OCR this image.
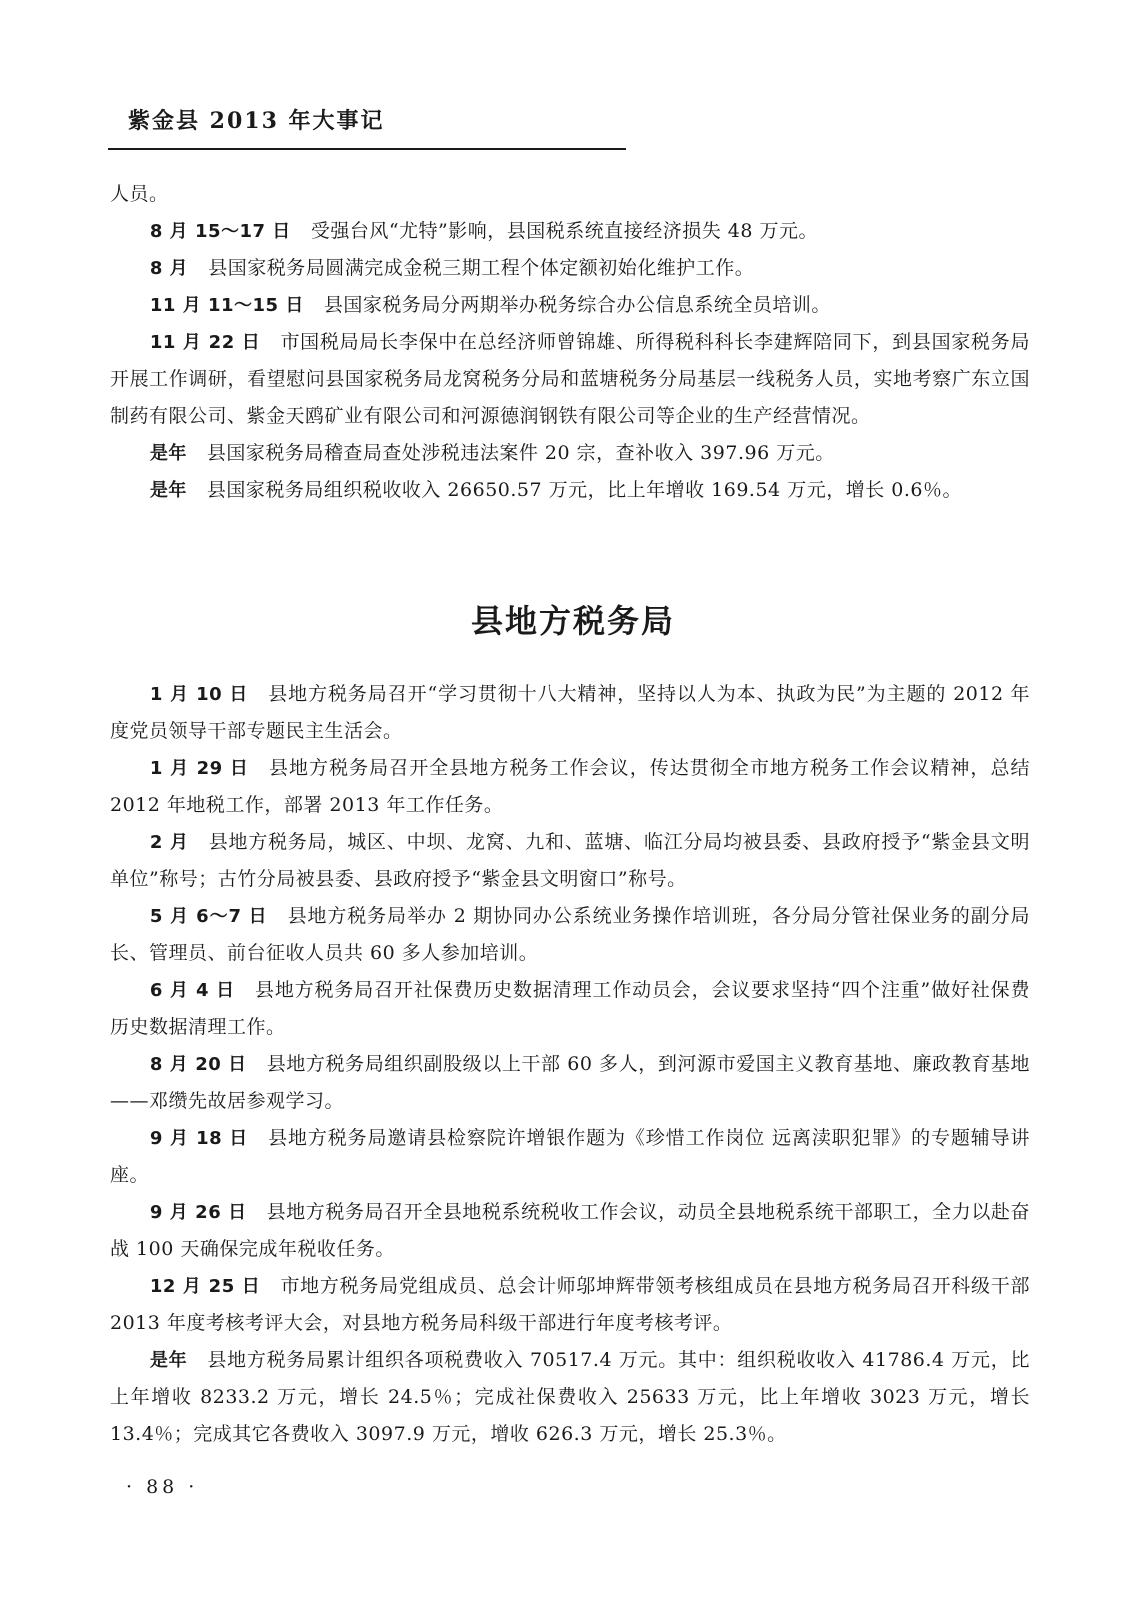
紫金县 2013 年大事记

人员。

8 月 15～17 日 受强台风“尤特”影响，县国税系统直接经济损失 48 万元。

8 月 县国家税务局圆满完成金税三期工程个体定额初始化维护工作。

11 月 11～15 日 县国家税务局分两期举办税务综合办公信息系统全员培训。

11 月 22 日 市国税局局长李保中在总经济师曾锦雄、所得税科科长李建辉陪同下，到县国家税务局开展工作调研，看望慰问县国家税务局龙窝税务分局和蓝塘税务分局基层一线税务人员，实地考察广东立国制药有限公司、紫金天鸥矿业有限公司和河源德润钢铁有限公司等企业的生产经营情况。

是年 县国家税务局稽查局查处涉税违法案件 20 宗，查补收入 397.96 万元。

是年 县国家税务局组织税收收入 26650.57 万元，比上年增收 169.54 万元，增长 0.6％。

县地方税务局

1 月 10 日 县地方税务局召开“学习贯彻十八大精神，坚持以人为本、执政为民”为主题的 2012 年度党员领导干部专题民主生活会。

1 月 29 日 县地方税务局召开全县地方税务工作会议，传达贯彻全市地方税务工作会议精神，总结 2012 年地税工作，部署 2013 年工作任务。

2 月 县地方税务局，城区、中坝、龙窝、九和、蓝塘、临江分局均被县委、县政府授予“紫金县文明单位”称号；古竹分局被县委、县政府授予“紫金县文明窗口”称号。

5 月 6～7 日 县地方税务局举办 2 期协同办公系统业务操作培训班，各分局分管社保业务的副分局长、管理员、前台征收人员共 60 多人参加培训。

6 月 4 日 县地方税务局召开社保费历史数据清理工作动员会，会议要求坚持“四个注重”做好社保费历史数据清理工作。

8 月 20 日 县地方税务局组织副股级以上干部 60 多人，到河源市爱国主义教育基地、廉政教育基地——邓缵先故居参观学习。

9 月 18 日 县地方税务局邀请县检察院许增银作题为《珍惜工作岗位 远离渎职犯罪》的专题辅导讲座。

9 月 26 日 县地方税务局召开全县地税系统税收工作会议，动员全县地税系统干部职工，全力以赴奋战 100 天确保完成年税收任务。

12 月 25 日 市地方税务局党组成员、总会计师邬坤辉带领考核组成员在县地方税务局召开科级干部 2013 年度考核考评大会，对县地方税务局科级干部进行年度考核考评。

是年 县地方税务局累计组织各项税费收入 70517.4 万元。其中：组织税收收入 41786.4 万元，比上年增收 8233.2 万元，增长 24.5％；完成社保费收入 25633 万元，比上年增收 3023 万元，增长 13.4％；完成其它各费收入 3097.9 万元，增收 626.3 万元，增长 25.3％。

· 88 ·
